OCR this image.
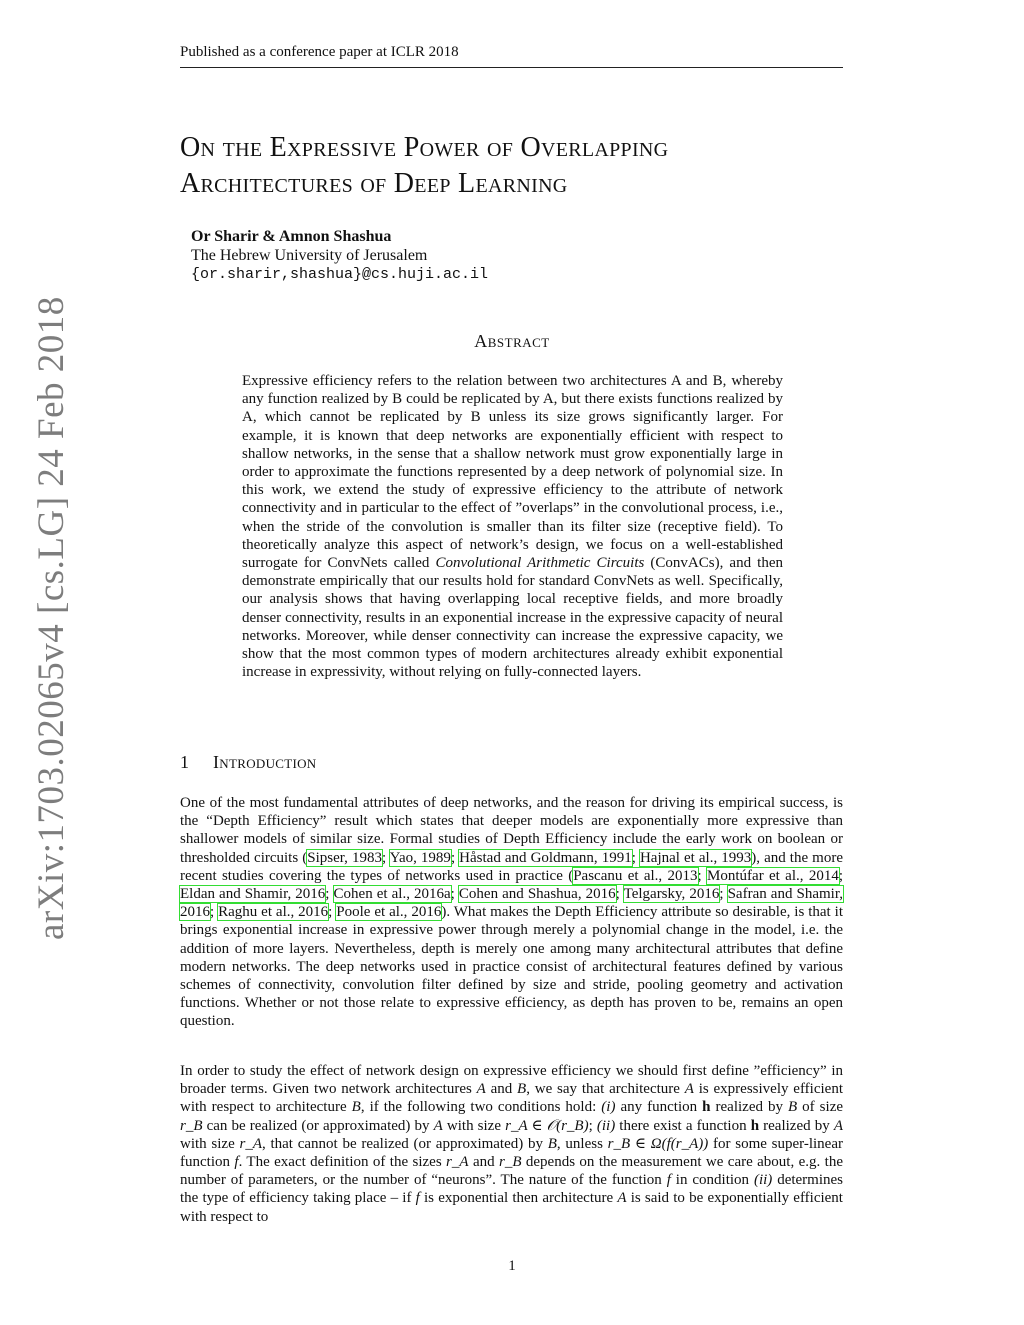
Published as a conference paper at ICLR 2018
arXiv:1703.02065v4 [cs.LG] 24 Feb 2018
On the Expressive Power of Overlapping
Architectures of Deep Learning
Or Sharir & Amnon Shashua
The Hebrew University of Jerusalem
{or.sharir,shashua}@cs.huji.ac.il
Abstract
Expressive efficiency refers to the relation between two architectures A and B, whereby any function realized by B could be replicated by A, but there exists functions realized by A, which cannot be replicated by B unless its size grows significantly larger. For example, it is known that deep networks are exponentially efficient with respect to shallow networks, in the sense that a shallow network must grow exponentially large in order to approximate the functions represented by a deep network of polynomial size. In this work, we extend the study of expressive efficiency to the attribute of network connectivity and in particular to the effect of ”overlaps” in the convolutional process, i.e., when the stride of the convolution is smaller than its filter size (receptive field). To theoretically analyze this aspect of network’s design, we focus on a well-established surrogate for ConvNets called Convolutional Arithmetic Circuits (ConvACs), and then demonstrate empirically that our results hold for standard ConvNets as well. Specifically, our analysis shows that having overlapping local receptive fields, and more broadly denser connectivity, results in an exponential increase in the expressive capacity of neural networks. Moreover, while denser connectivity can increase the expressive capacity, we show that the most common types of modern architectures already exhibit exponential increase in expressivity, without relying on fully-connected layers.
1 Introduction
One of the most fundamental attributes of deep networks, and the reason for driving its empirical success, is the “Depth Efficiency” result which states that deeper models are exponentially more expressive than shallower models of similar size. Formal studies of Depth Efficiency include the early work on boolean or thresholded circuits (Sipser, 1983; Yao, 1989; Håstad and Goldmann, 1991; Hajnal et al., 1993), and the more recent studies covering the types of networks used in practice (Pascanu et al., 2013; Montúfar et al., 2014; Eldan and Shamir, 2016; Cohen et al., 2016a; Cohen and Shashua, 2016; Telgarsky, 2016; Safran and Shamir, 2016; Raghu et al., 2016; Poole et al., 2016). What makes the Depth Efficiency attribute so desirable, is that it brings exponential increase in expressive power through merely a polynomial change in the model, i.e. the addition of more layers. Nevertheless, depth is merely one among many architectural attributes that define modern networks. The deep networks used in practice consist of architectural features defined by various schemes of connectivity, convolution filter defined by size and stride, pooling geometry and activation functions. Whether or not those relate to expressive efficiency, as depth has proven to be, remains an open question.
In order to study the effect of network design on expressive efficiency we should first define ”efficiency” in broader terms. Given two network architectures A and B, we say that architecture A is expressively efficient with respect to architecture B, if the following two conditions hold: (i) any function h realized by B of size r_B can be realized (or approximated) by A with size r_A ∈ 𝒪(r_B); (ii) there exist a function h realized by A with size r_A, that cannot be realized (or approximated) by B, unless r_B ∈ Ω(f(r_A)) for some super-linear function f. The exact definition of the sizes r_A and r_B depends on the measurement we care about, e.g. the number of parameters, or the number of “neurons”. The nature of the function f in condition (ii) determines the type of efficiency taking place – if f is exponential then architecture A is said to be exponentially efficient with respect to
1
